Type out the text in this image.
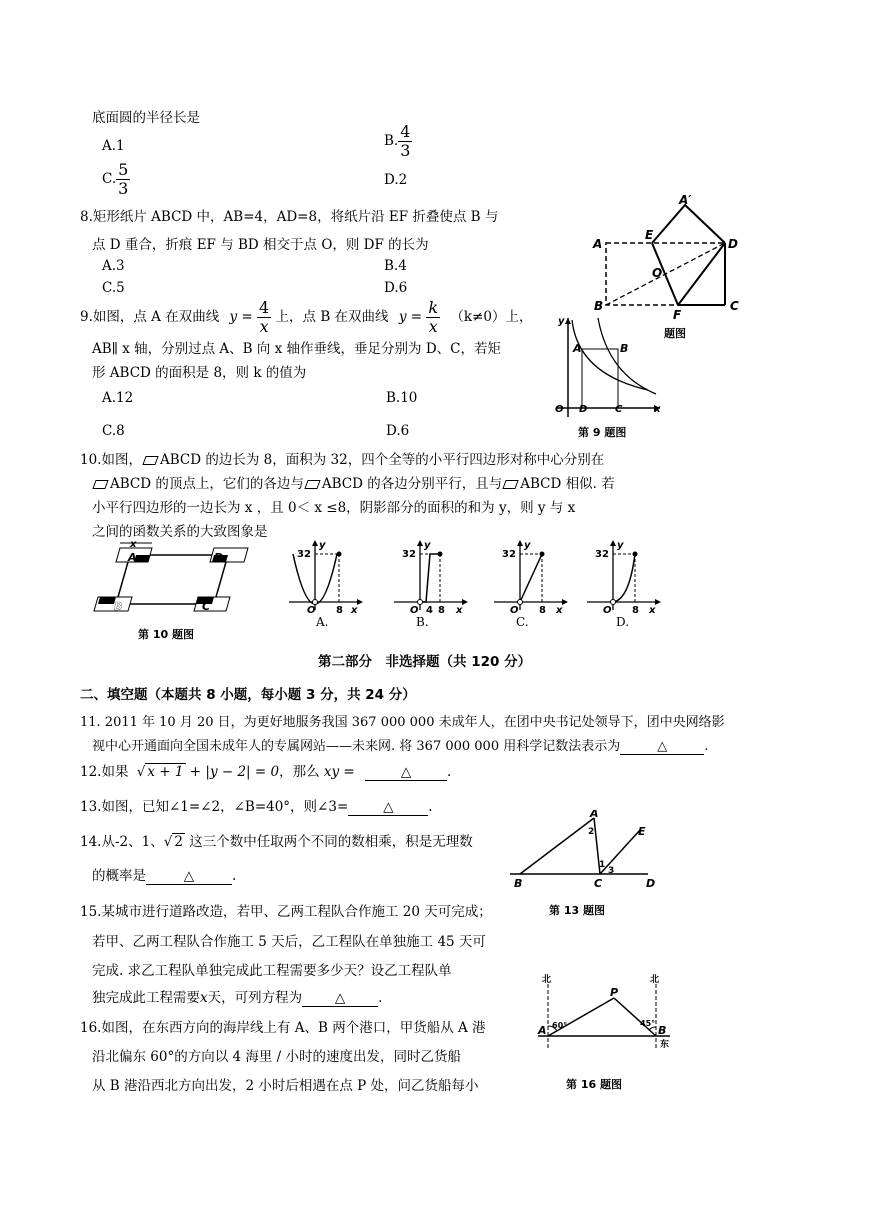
底面圆的半径长是
A.1	B. $\frac{4}{3}$
C. $\frac{5}{3}$	D.2
8.矩形纸片 ABCD 中，AB=4，AD=8，将纸片沿 EF 折叠使点 B 与
点 D 重合，折痕 EF 与 BD 相交于点 O，则 DF 的长为
A.3	B.4
C.5	D.6
A′
A
E
D
O
B
F
C
题图
9.如图，点 A 在双曲线 $y = \frac{4}{x}$ 上，点 B 在双曲线 $y = \frac{k}{x} (k\ne 0)$上，
AB∥ x 轴，分别过点 A、B 向 x 轴作垂线，垂足分别为 D、C，若矩
形 ABCD 的面积是 8，则 k 的值为
A.12	B.10
C.8	D.6
y
A	B
O D	C	x
第 9 题图
10.如图， ABCD 的边长为 8，面积为 32，四个全等的小平行四边形对称中心分别在
ABCD 的顶点上，它们的各边与 ABCD 的各边分别平行，且与 ABCD 相似. 若
小平行四边形的一边长为 x ，且 0＜ x ≤8，阴影部分的面积的和为 y，则 y 与 x
之间的函数关系的大致图象是
x
A	D
B	C
第 10 题图
y
32
O 8 x
A.
y
32
O 4 8 x
B.
y
32
O 8 x
C.
y
32
O 8 x
D.
第二部分　非选择题（共 120 分）
二、填空题（本题共 8 小题，每小题 3 分，共 24 分）
11. 2011 年 10 月 20 日，为更好地服务我国 367 000 000 未成年人，在团中央书记处领导下，团中央网络影
视中心开通面向全国未成年人的专属网站——未来网. 将 367 000 000 用科学记数法表示为	△	.
12.如果 √ x + 1 + |y − 2| = 0，那么 xy =	△	.
13.如图，已知∠1=∠2，∠B=40°，则∠3=	△	.	A
2	E
1
3
B	C	D
第 13 题图
14.从-2、1、√ 2 这三个数中任取两个不同的数相乘，积是无理数
的概率是	△	.
15.某城市进行道路改造，若甲、乙两工程队合作施工 20 天可完成；
若甲、乙两工程队合作施工 5 天后，乙工程队在单独施工 45 天可
完成. 求乙工程队单独完成此工程需要多少天？设乙工程队单
独完成此工程需要x天，可列方程为 △ .
16.如图，在东西方向的海岸线上有 A、B 两个港口，甲货船从 A 港
沿北偏东 60°的方向以 4 海里 / 小时的速度出发，同时乙货船
从 B 港沿西北方向出发，2 小时后相遇在点 P 处，问乙货船每小
北	北
P
A 60°	45°
B
东
第 16 题图
